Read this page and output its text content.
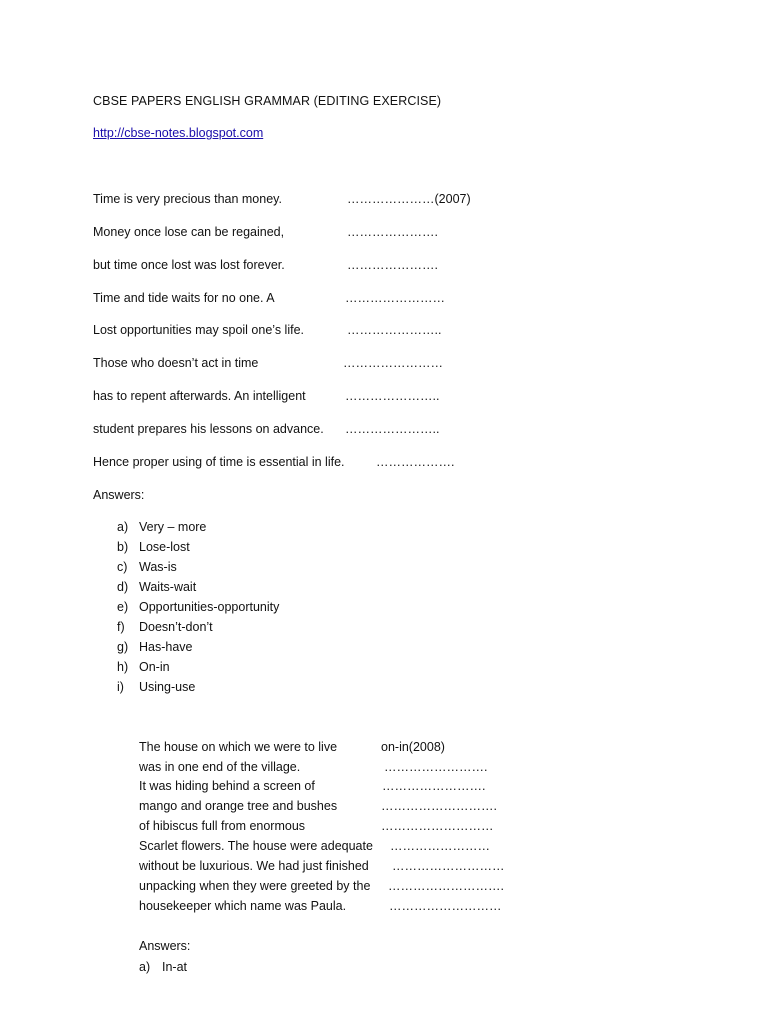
CBSE PAPERS ENGLISH GRAMMAR (EDITING EXERCISE)
http://cbse-notes.blogspot.com
Time is very precious than money.	…………………(2007)
Money once lose can be regained,	………………….
but time once lost was lost forever.	………………….
Time and tide waits for no one. A	……………………
Lost opportunities may spoil one’s life.	…………………..
Those who doesn’t act in time	……………………
has to repent afterwards. An intelligent	…………………..
student prepares his lessons on advance. …………………..
Hence proper using of time is essential in life.	……………….
Answers:
a) Very – more
b) Lose-lost
c) Was-is
d) Waits-wait
e) Opportunities-opportunity
f) Doesn’t-don’t
g) Has-have
h) On-in
i) Using-use
The house on which we were to live	on-in(2008)
was in one end of the village.	…………………….
It was hiding behind a screen of	…………………….
mango and orange tree and bushes	……………………….
of hibiscus full from enormous	………………………
Scarlet flowers. The house were adequate ……………………
without be luxurious. We had just finished ………………………
unpacking when they were greeted by the ……………………….
housekeeper which name was Paula.	………………………
Answers:
a) In-at
